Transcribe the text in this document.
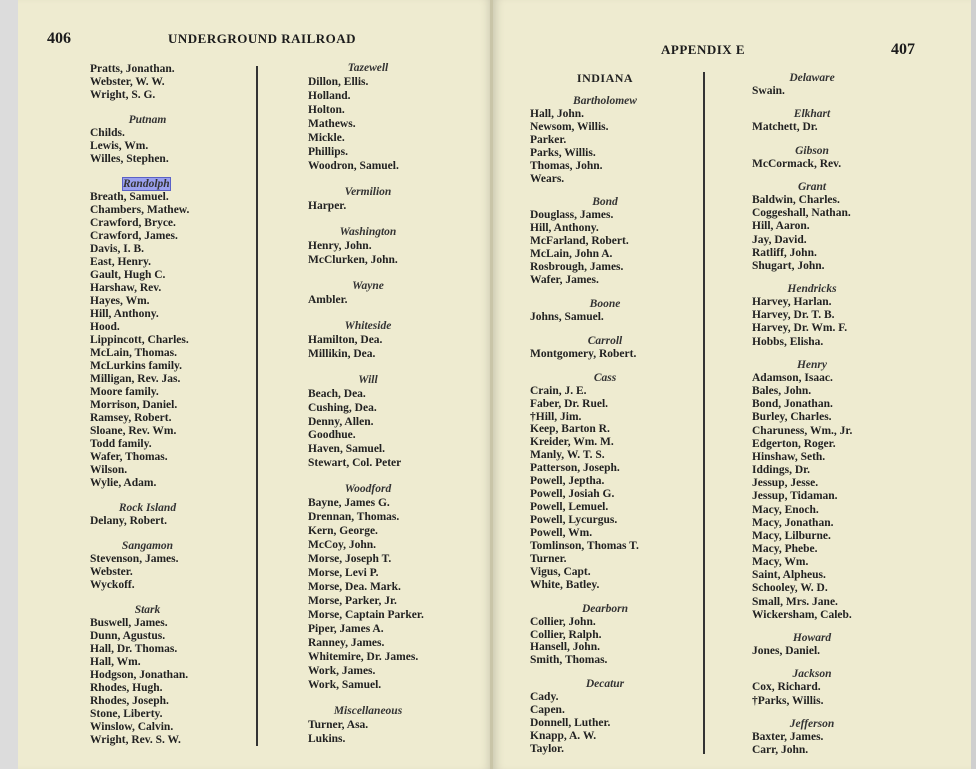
406	UNDERGROUND RAILROAD
Pratts, Jonathan.
Webster, W. W.
Wright, S. G.
Putnam
Childs.
Lewis, Wm.
Willes, Stephen.
Randolph
Breath, Samuel.
Chambers, Mathew.
Crawford, Bryce.
Crawford, James.
Davis, I. B.
East, Henry.
Gault, Hugh C.
Harshaw, Rev.
Hayes, Wm.
Hill, Anthony.
Hood.
Lippincott, Charles.
McLain, Thomas.
McLurkins family.
Milligan, Rev. Jas.
Moore family.
Morrison, Daniel.
Ramsey, Robert.
Sloane, Rev. Wm.
Todd family.
Wafer, Thomas.
Wilson.
Wylie, Adam.
Rock Island
Delany, Robert.
Sangamon
Stevenson, James.
Webster.
Wyckoff.
Stark
Buswell, James.
Dunn, Agustus.
Hall, Dr. Thomas.
Hall, Wm.
Hodgson, Jonathan.
Rhodes, Hugh.
Rhodes, Joseph.
Stone, Liberty.
Winslow, Calvin.
Wright, Rev. S. W.
Tazewell
Dillon, Ellis.
Holland.
Holton.
Mathews.
Mickle.
Phillips.
Woodron, Samuel.
Vermilion
Harper.
Washington
Henry, John.
McClurken, John.
Wayne
Ambler.
Whiteside
Hamilton, Dea.
Millikin, Dea.
Will
Beach, Dea.
Cushing, Dea.
Denny, Allen.
Goodhue.
Haven, Samuel.
Stewart, Col. Peter
Woodford
Bayne, James G.
Drennan, Thomas.
Kern, George.
McCoy, John.
Morse, Joseph T.
Morse, Levi P.
Morse, Dea. Mark.
Morse, Parker, Jr.
Morse, Captain Parker.
Piper, James A.
Ranney, James.
Whitemire, Dr. James.
Work, James.
Work, Samuel.
Miscellaneous
Turner, Asa.
Lukins.
APPENDIX E	407
INDIANA
Bartholomew
Hall, John.
Newsom, Willis.
Parker.
Parks, Willis.
Thomas, John.
Wears.
Bond
Douglass, James.
Hill, Anthony.
McFarland, Robert.
McLain, John A.
Rosbrough, James.
Wafer, James.
Boone
Johns, Samuel.
Carroll
Montgomery, Robert.
Cass
Crain, J. E.
Faber, Dr. Ruel.
†Hill, Jim.
Keep, Barton R.
Kreider, Wm. M.
Manly, W. T. S.
Patterson, Joseph.
Powell, Jeptha.
Powell, Josiah G.
Powell, Lemuel.
Powell, Lycurgus.
Powell, Wm.
Tomlinson, Thomas T.
Turner.
Vigus, Capt.
White, Batley.
Dearborn
Collier, John.
Collier, Ralph.
Hansell, John.
Smith, Thomas.
Decatur
Cady.
Capen.
Donnell, Luther.
Knapp, A. W.
Taylor.
Delaware
Swain.
Elkhart
Matchett, Dr.
Gibson
McCormack, Rev.
Grant
Baldwin, Charles.
Coggeshall, Nathan.
Hill, Aaron.
Jay, David.
Ratliff, John.
Shugart, John.
Hendricks
Harvey, Harlan.
Harvey, Dr. T. B.
Harvey, Dr. Wm. F.
Hobbs, Elisha.
Henry
Adamson, Isaac.
Bales, John.
Bond, Jonathan.
Burley, Charles.
Charuness, Wm., Jr.
Edgerton, Roger.
Hinshaw, Seth.
Iddings, Dr.
Jessup, Jesse.
Jessup, Tidaman.
Macy, Enoch.
Macy, Jonathan.
Macy, Lilburne.
Macy, Phebe.
Macy, Wm.
Saint, Alpheus.
Schooley, W. D.
Small, Mrs. Jane.
Wickersham, Caleb.
Howard
Jones, Daniel.
Jackson
Cox, Richard.
†Parks, Willis.
Jefferson
Baxter, James.
Carr, John.
